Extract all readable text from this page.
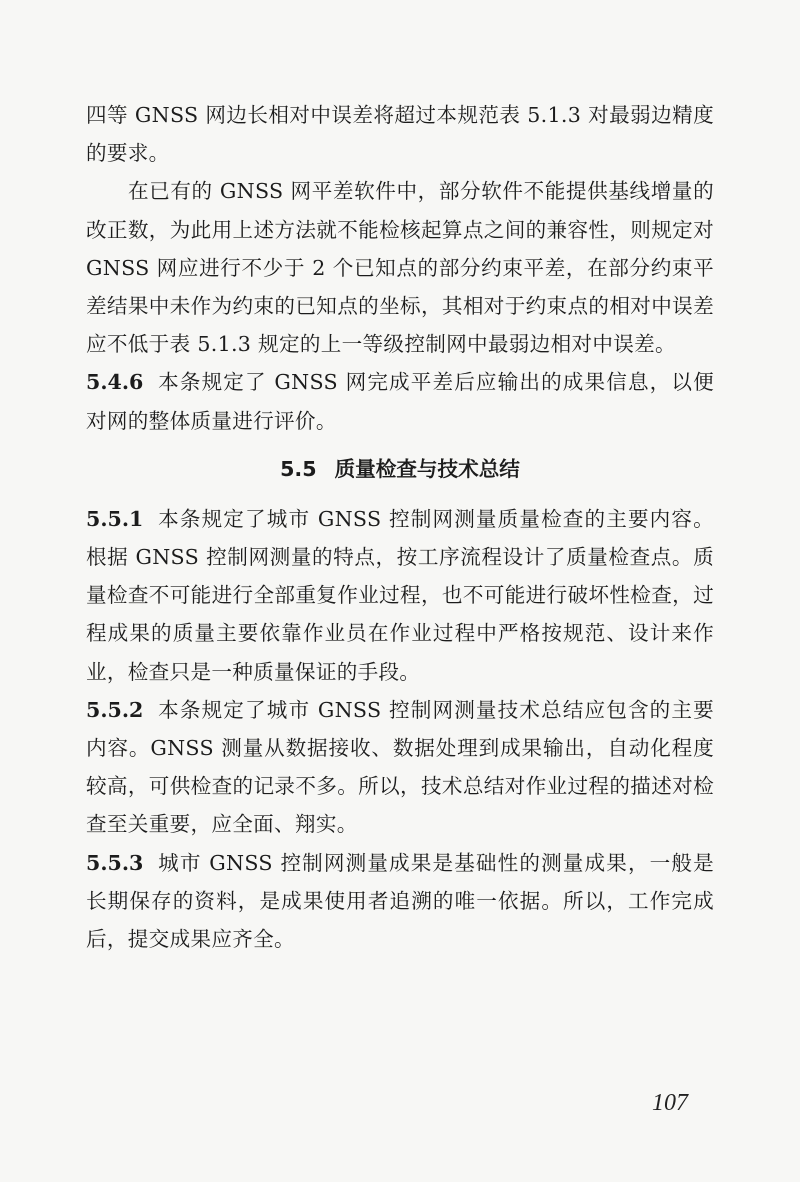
四等 GNSS 网边长相对中误差将超过本规范表 5.1.3 对最弱边精度的要求。

在已有的 GNSS 网平差软件中，部分软件不能提供基线增量的改正数，为此用上述方法就不能检核起算点之间的兼容性，则规定对 GNSS 网应进行不少于 2 个已知点的部分约束平差，在部分约束平差结果中未作为约束的已知点的坐标，其相对于约束点的相对中误差应不低于表 5.1.3 规定的上一等级控制网中最弱边相对中误差。

5.4.6 本条规定了 GNSS 网完成平差后应输出的成果信息，以便对网的整体质量进行评价。

5.5 质量检查与技术总结

5.5.1 本条规定了城市 GNSS 控制网测量质量检查的主要内容。根据 GNSS 控制网测量的特点，按工序流程设计了质量检查点。质量检查不可能进行全部重复作业过程，也不可能进行破坏性检查，过程成果的质量主要依靠作业员在作业过程中严格按规范、设计来作业，检查只是一种质量保证的手段。

5.5.2 本条规定了城市 GNSS 控制网测量技术总结应包含的主要内容。GNSS 测量从数据接收、数据处理到成果输出，自动化程度较高，可供检查的记录不多。所以，技术总结对作业过程的描述对检查至关重要，应全面、翔实。

5.5.3 城市 GNSS 控制网测量成果是基础性的测量成果，一般是长期保存的资料，是成果使用者追溯的唯一依据。所以，工作完成后，提交成果应齐全。

107
